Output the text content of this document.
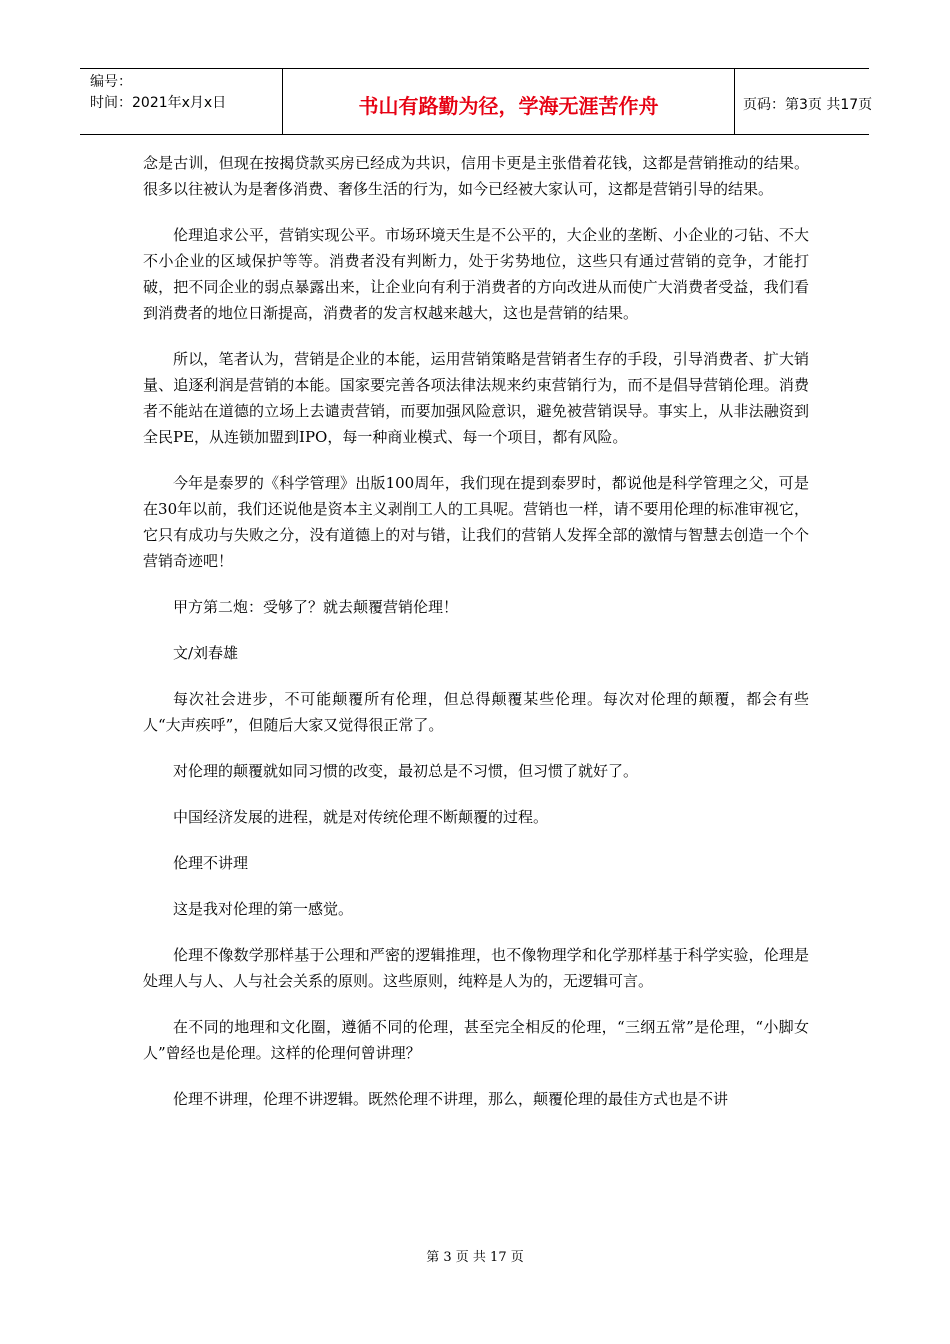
编号：
时间：2021年x月x日	书山有路勤为径，学海无涯苦作舟	页码：第3页 共17页

念是古训，但现在按揭贷款买房已经成为共识，信用卡更是主张借着花钱，这都是营销推动的结果。很多以往被认为是奢侈消费、奢侈生活的行为，如今已经被大家认可，这都是营销引导的结果。

伦理追求公平，营销实现公平。市场环境天生是不公平的，大企业的垄断、小企业的刁钻、不大不小企业的区域保护等等。消费者没有判断力，处于劣势地位，这些只有通过营销的竞争，才能打破，把不同企业的弱点暴露出来，让企业向有利于消费者的方向改进从而使广大消费者受益，我们看到消费者的地位日渐提高，消费者的发言权越来越大，这也是营销的结果。

所以，笔者认为，营销是企业的本能，运用营销策略是营销者生存的手段，引导消费者、扩大销量、追逐利润是营销的本能。国家要完善各项法律法规来约束营销行为，而不是倡导营销伦理。消费者不能站在道德的立场上去谴责营销，而要加强风险意识，避免被营销误导。事实上，从非法融资到全民PE，从连锁加盟到IPO，每一种商业模式、每一个项目，都有风险。

今年是泰罗的《科学管理》出版100周年，我们现在提到泰罗时，都说他是科学管理之父，可是在30年以前，我们还说他是资本主义剥削工人的工具呢。营销也一样，请不要用伦理的标准审视它，它只有成功与失败之分，没有道德上的对与错，让我们的营销人发挥全部的激情与智慧去创造一个个营销奇迹吧！

甲方第二炮：受够了？就去颠覆营销伦理！

文/刘春雄

每次社会进步，不可能颠覆所有伦理，但总得颠覆某些伦理。每次对伦理的颠覆，都会有些人“大声疾呼”，但随后大家又觉得很正常了。

对伦理的颠覆就如同习惯的改变，最初总是不习惯，但习惯了就好了。

中国经济发展的进程，就是对传统伦理不断颠覆的过程。

伦理不讲理

这是我对伦理的第一感觉。

伦理不像数学那样基于公理和严密的逻辑推理，也不像物理学和化学那样基于科学实验，伦理是处理人与人、人与社会关系的原则。这些原则，纯粹是人为的，无逻辑可言。

在不同的地理和文化圈，遵循不同的伦理，甚至完全相反的伦理，“三纲五常”是伦理，“小脚女人”曾经也是伦理。这样的伦理何曾讲理？

伦理不讲理，伦理不讲逻辑。既然伦理不讲理，那么，颠覆伦理的最佳方式也是不讲

第 3 页 共 17 页
